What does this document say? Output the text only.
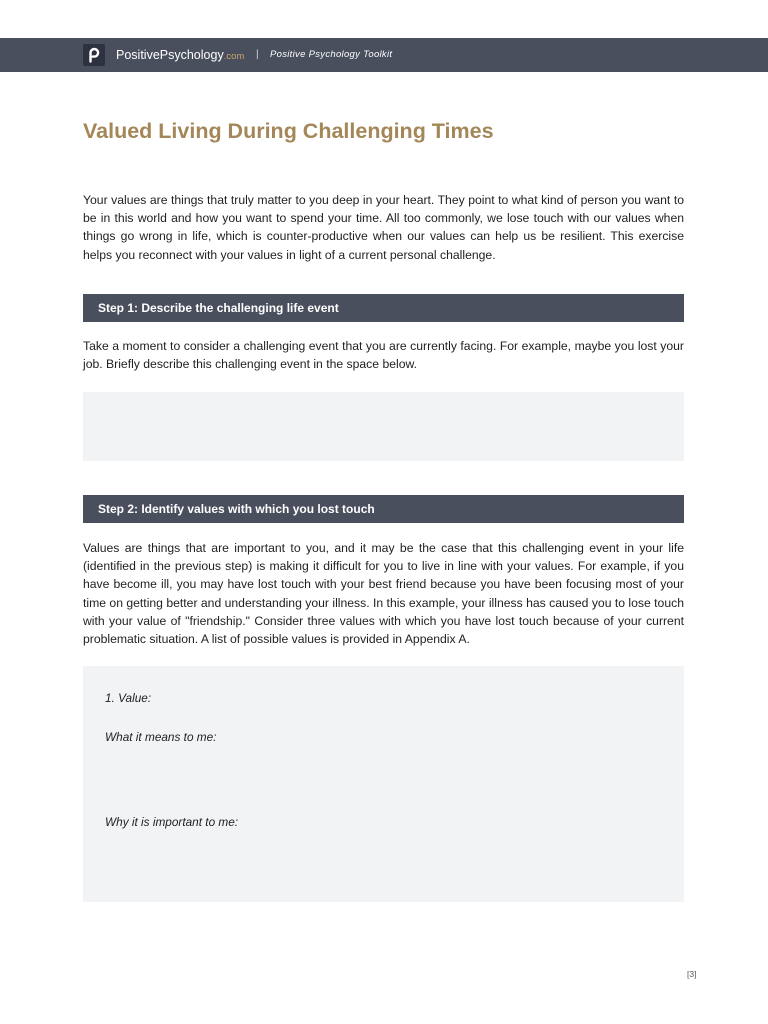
PositivePsychology.com | Positive Psychology Toolkit
Valued Living During Challenging Times

Your values are things that truly matter to you deep in your heart. They point to what kind of person you want to be in this world and how you want to spend your time. All too commonly, we lose touch with our values when things go wrong in life, which is counter-productive when our values can help us be resilient. This exercise helps you reconnect with your values in light of a current personal challenge.

Step 1: Describe the challenging life event

Take a moment to consider a challenging event that you are currently facing. For example, maybe you lost your job. Briefly describe this challenging event in the space below.

Step 2: Identify values with which you lost touch

Values are things that are important to you, and it may be the case that this challenging event in your life (identified in the previous step) is making it difficult for you to live in line with your values. For example, if you have become ill, you may have lost touch with your best friend because you have been focusing most of your time on getting better and understanding your illness. In this example, your illness has caused you to lose touch with your value of "friendship." Consider three values with which you have lost touch because of your current problematic situation. A list of possible values is provided in Appendix A.

1. Value:
What it means to me:
Why it is important to me:
[3]
